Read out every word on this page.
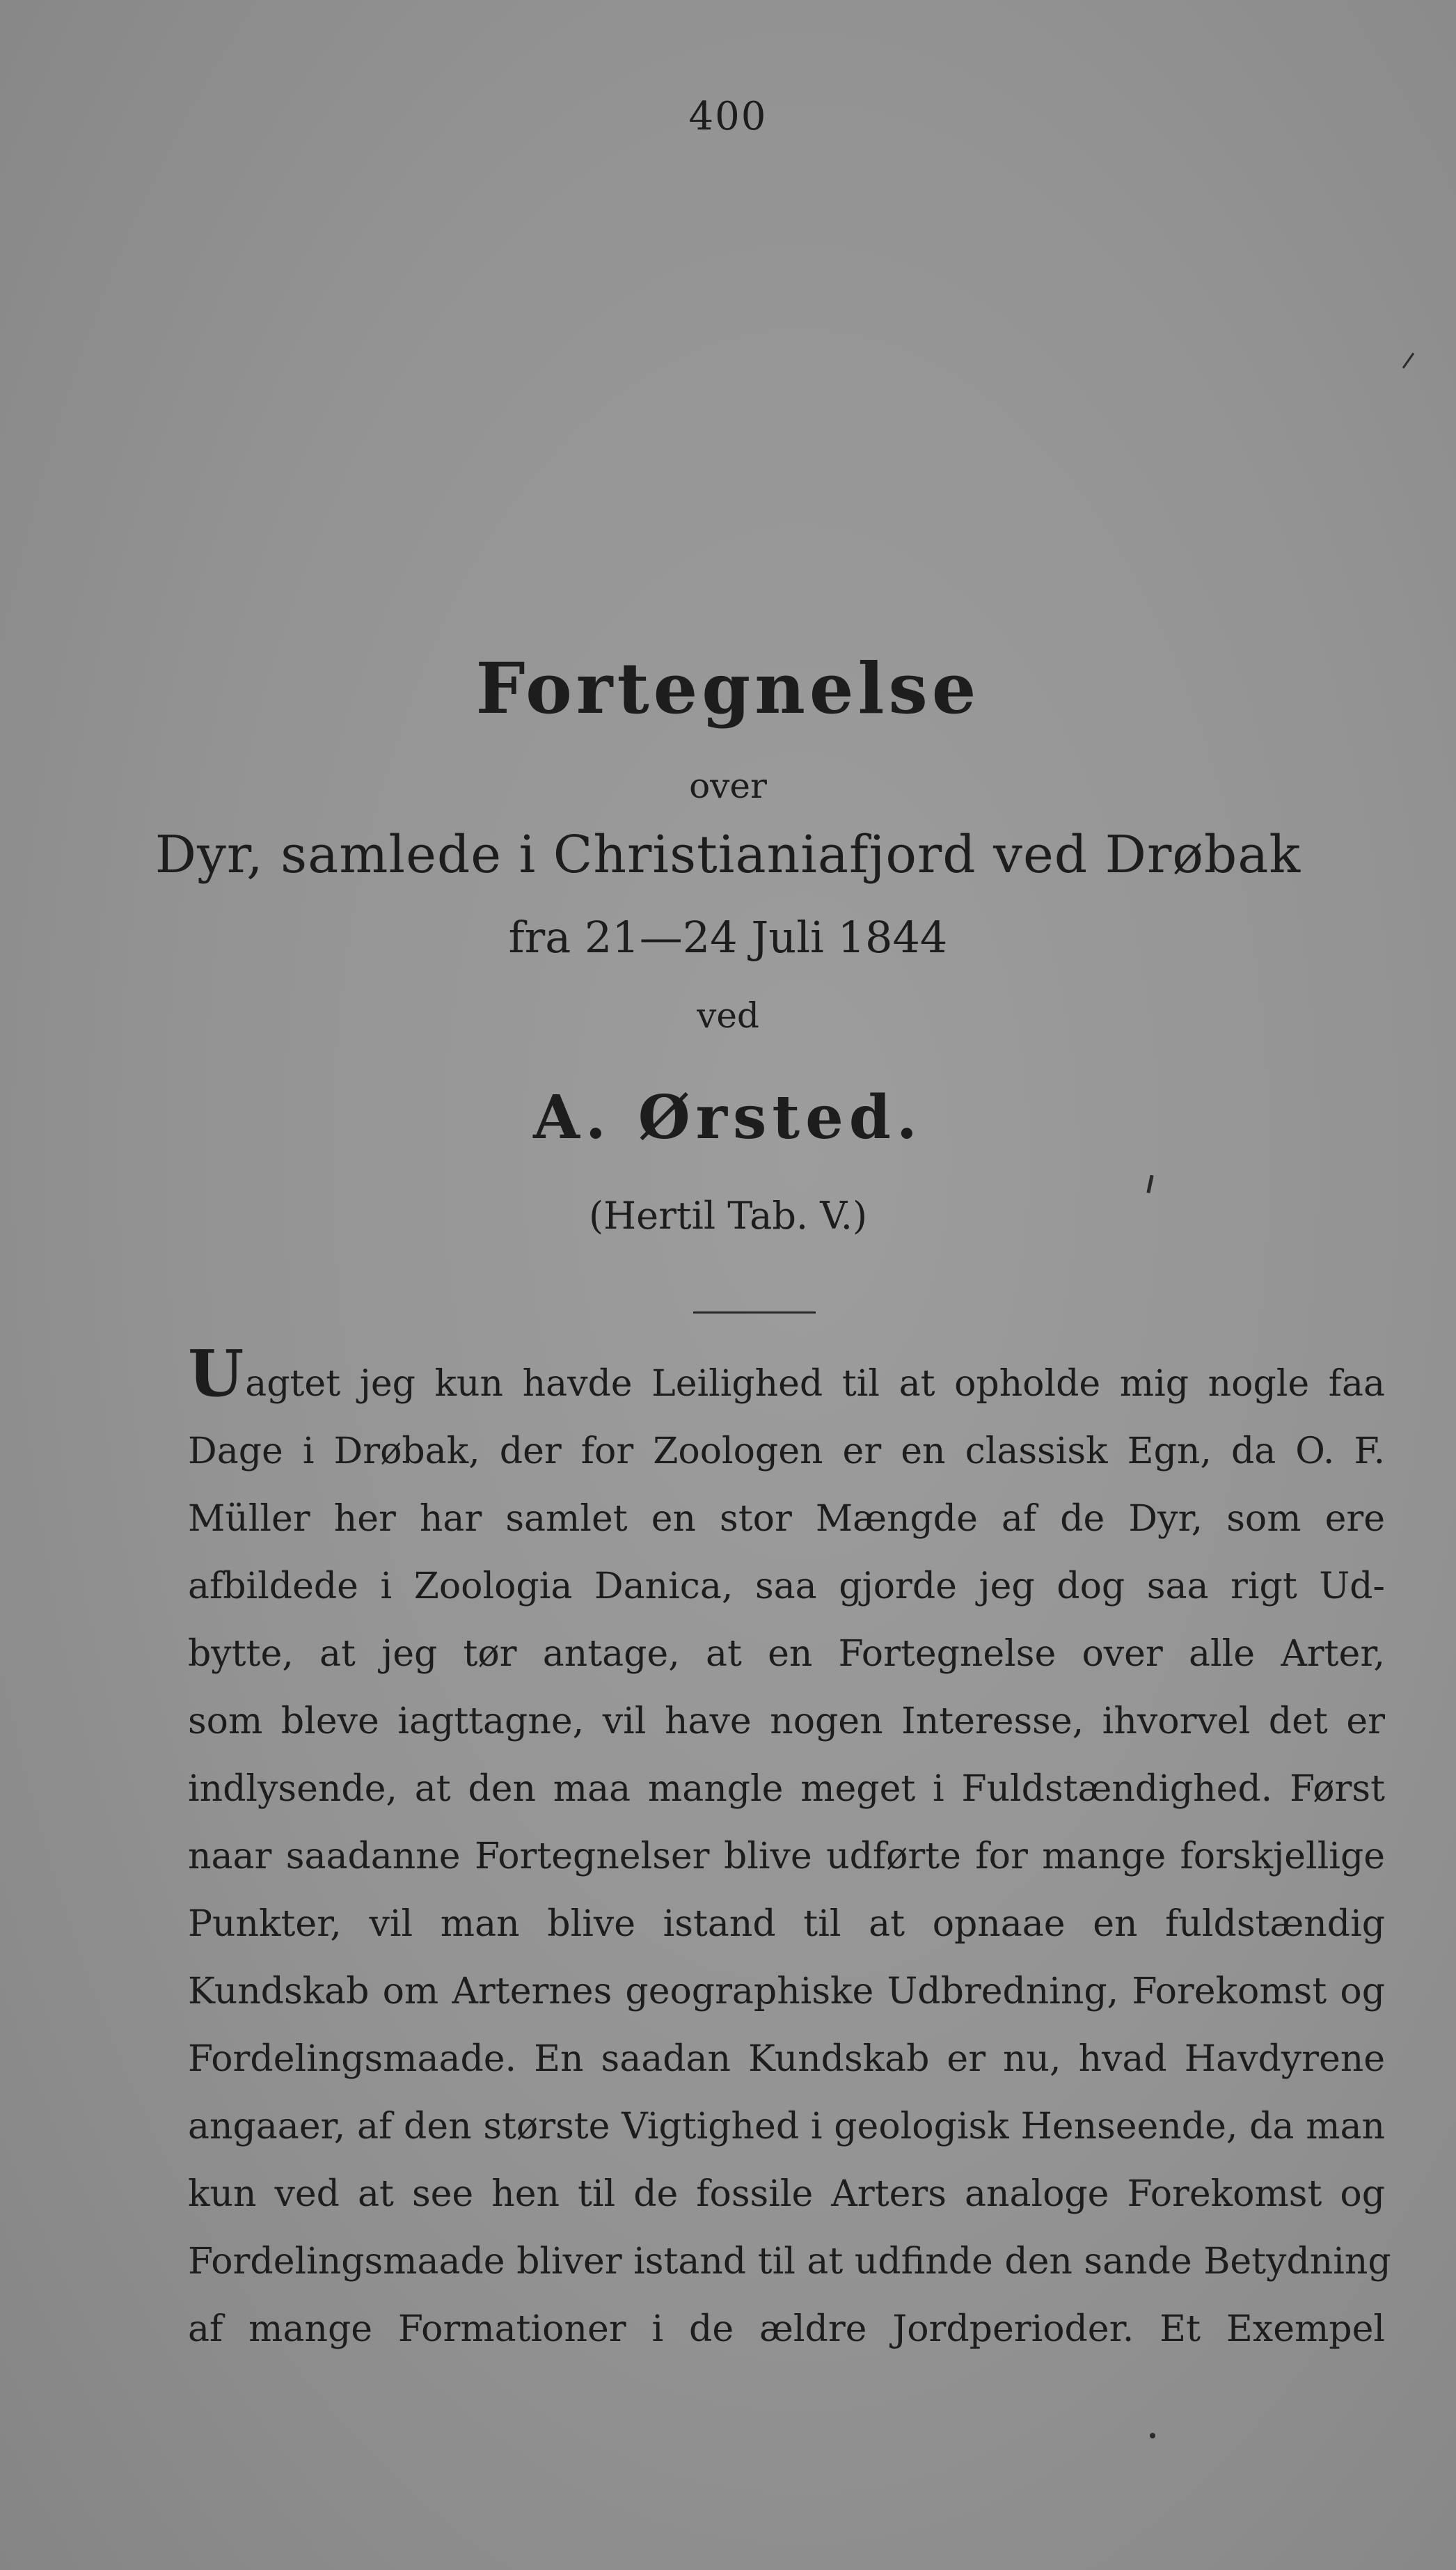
400
Fortegnelse
over
Dyr, samlede i Christianiafjord ved Drøbak
fra 21—24 Juli 1844
ved
A. Ørsted.
(Hertil Tab. V.)
Uagtet jeg kun havde Leilighed til at opholde mig nogle faa
Dage i Drøbak, der for Zoologen er en classisk Egn, da O. F.
Müller her har samlet en stor Mængde af de Dyr, som ere
afbildede i Zoologia Danica, saa gjorde jeg dog saa rigt Ud-
bytte, at jeg tør antage, at en Fortegnelse over alle Arter,
som bleve iagttagne, vil have nogen Interesse, ihvorvel det er
indlysende, at den maa mangle meget i Fuldstændighed. Først
naar saadanne Fortegnelser blive udførte for mange forskjellige
Punkter, vil man blive istand til at opnaae en fuldstændig
Kundskab om Arternes geographiske Udbredning, Forekomst og
Fordelingsmaade. En saadan Kundskab er nu, hvad Havdyrene
angaaer, af den største Vigtighed i geologisk Henseende, da man
kun ved at see hen til de fossile Arters analoge Forekomst og
Fordelingsmaade bliver istand til at udfinde den sande Betydning
af mange Formationer i de ældre Jordperioder. Et Exempel
